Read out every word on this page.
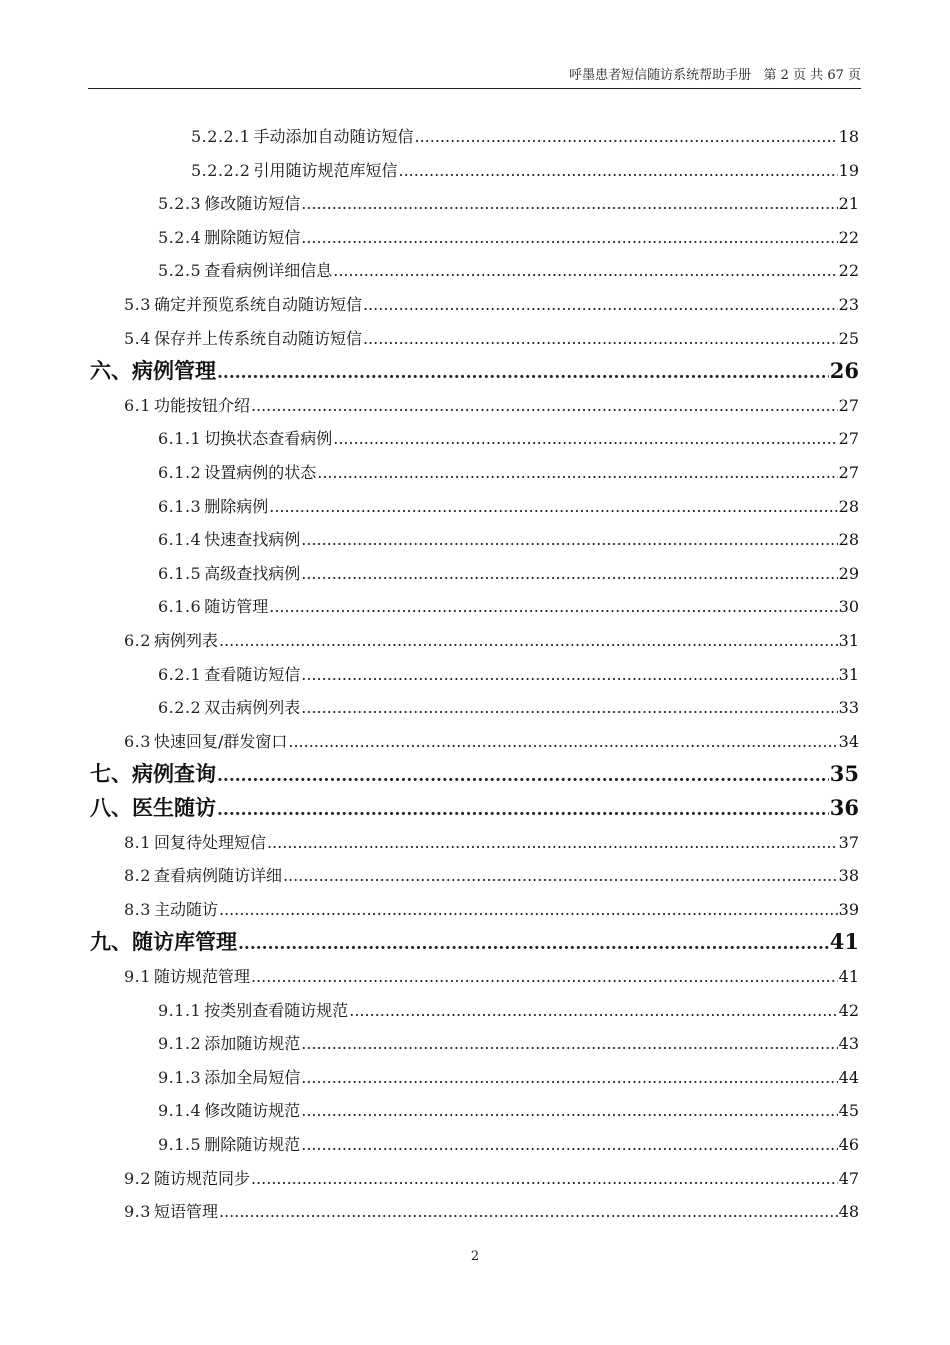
呼墨患者短信随访系统帮助手册 第 2 页 共 67 页
5.2.2.1 手动添加自动随访短信 .....	18
5.2.2.2 引用随访规范库短信 .....	19
5.2.3 修改随访短信 .....	21
5.2.4 删除随访短信 .....	22
5.2.5 查看病例详细信息 .....	22
5.3 确定并预览系统自动随访短信 .....	23
5.4 保存并上传系统自动随访短信 .....	25
六、病例管理 .....	26
6.1 功能按钮介绍 .....	27
6.1.1 切换状态查看病例 .....	27
6.1.2 设置病例的状态 .....	27
6.1.3 删除病例 .....	28
6.1.4 快速查找病例 .....	28
6.1.5 高级查找病例 .....	29
6.1.6 随访管理 .....	30
6.2 病例列表 .....	31
6.2.1 查看随访短信 .....	31
6.2.2 双击病例列表 .....	33
6.3 快速回复/群发窗口 .....	34
七、病例查询 .....	35
八、医生随访 .....	36
8.1 回复待处理短信 .....	37
8.2 查看病例随访详细 .....	38
8.3 主动随访 .....	39
九、随访库管理 .....	41
9.1 随访规范管理 .....	41
9.1.1 按类别查看随访规范 .....	42
9.1.2 添加随访规范 .....	43
9.1.3 添加全局短信 .....	44
9.1.4 修改随访规范 .....	45
9.1.5 删除随访规范 .....	46
9.2 随访规范同步 .....	47
9.3 短语管理 .....	48
2
